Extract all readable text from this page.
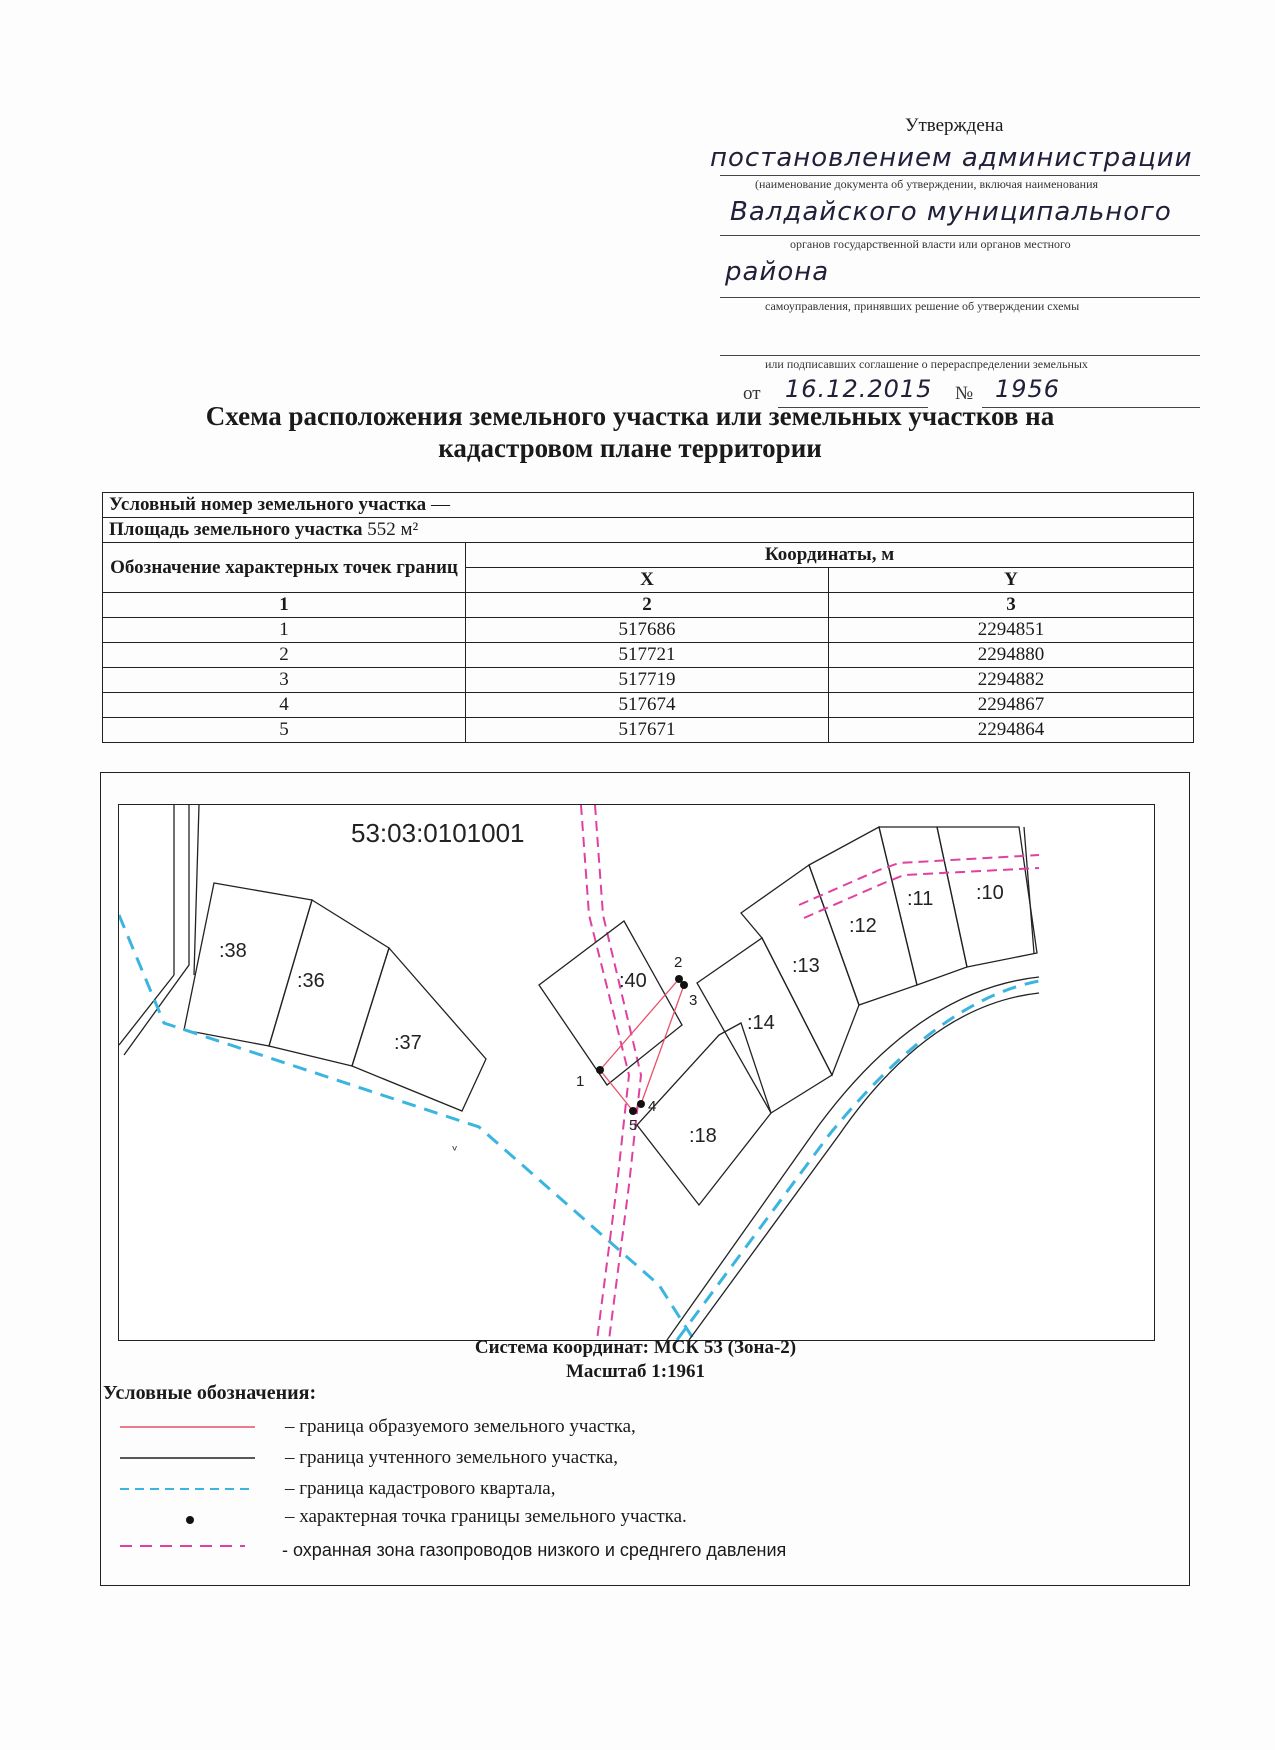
Утверждена
постановлением администрации
(наименование документа об утверждении, включая наименования
Валдайского муниципального
органов государственной власти или органов местного
района
самоуправления, принявших решение об утверждении схемы
или подписавших соглашение о перераспределении земельных
от 16.12.2015 № 1956
Схема расположения земельного участка или земельных участков на
кадастровом плане территории
Условный номер земельного участка —		
Площадь земельного участка 552 м²		
Обозначение характерных точек границ	Координаты, м	
	X	Y
1	2	3
1	517686	2294851
2	517721	2294880
3	517719	2294882
4	517674	2294867
5	517671	2294864
ᵛ
53:03:0101001
:38
:36
:37
:40
:14
:18
:13
:12
:11 :10
1
2
3
4
5
Система координат: МСК 53 (Зона-2)
Масштаб 1:1961
Условные обозначения:
– граница образуемого земельного участка,
– граница учтенного земельного участка,
– граница кадастрового квартала,
– характерная точка границы земельного участка.
- охранная зона газопроводов низкого и среднгего давления
